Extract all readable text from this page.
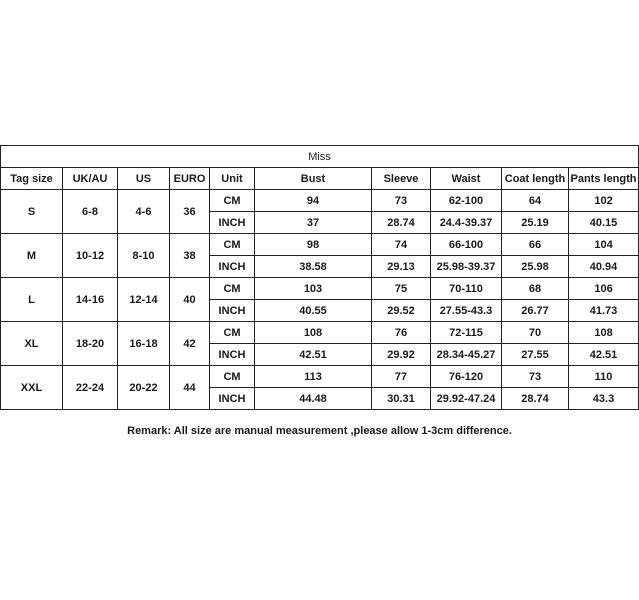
Miss									
Tag size	UK/AU	US	EURO	Unit	Bust	Sleeve	Waist	Coat length	Pants length
S	6-8	4-6	36	CM	94	73	62-100	64	102
				INCH	37	28.74	24.4-39.37	25.19	40.15
M	10-12	8-10	38	CM	98	74	66-100	66	104
				INCH	38.58	29.13	25.98-39.37	25.98	40.94
L	14-16	12-14	40	CM	103	75	70-110	68	106
				INCH	40.55	29.52	27.55-43.3	26.77	41.73
XL	18-20	16-18	42	CM	108	76	72-115	70	108
				INCH	42.51	29.92	28.34-45.27	27.55	42.51
XXL	22-24	20-22	44	CM	113	77	76-120	73	110
				INCH	44.48	30.31	29.92-47.24	28.74	43.3
Remark: All size are manual measurement ,please allow 1-3cm difference.									
